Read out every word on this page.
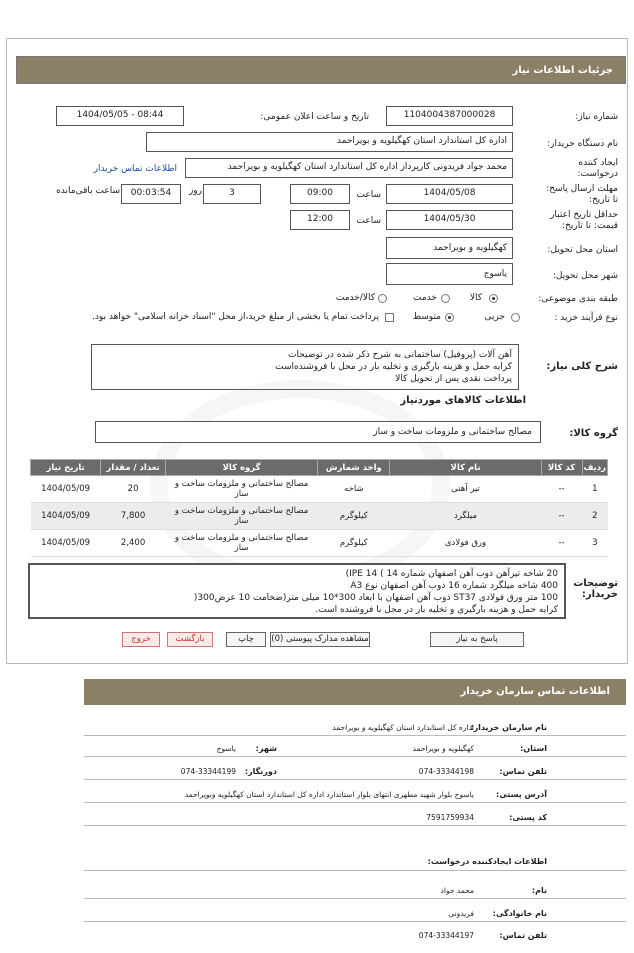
جزئیات اطلاعات نیاز
شماره نیاز:
1104004387000028
تاریخ و ساعت اعلان عمومی:
1404/05/05 - 08:44
نام دستگاه خریدار:
اداره کل استاندارد استان کهگیلویه و بویراحمد
ایجاد کننده درخواست:
محمد جواد فریدونی کارپرداز اداره کل استاندارد استان کهگیلویه و بویراحمد
اطلاعات تماس خریدار
مهلت ارسال پاسخ: تا تاریخ:
1404/05/08
ساعت
09:00
3
روز
00:03:54
ساعت باقی‌مانده
حداقل تاریخ اعتبار قیمت: تا تاریخ:
1404/05/30
ساعت
12:00
استان محل تحویل:
کهگیلویه و بویراحمد
شهر محل تحویل:
یاسوج
طبقه بندی موضوعی:
کالا
خدمت
کالا/خدمت
نوع فرآیند خرید :
جزیی
متوسط
پرداخت تمام یا بخشی از مبلغ خرید،از محل "اسناد خزانه اسلامی" خواهد بود.
شرح کلی نیاز:
آهن آلات (پروفیل) ساختمانی به شرح ذکر شده در توضیحات
کرایه حمل و هزینه بارگیری و تخلیه بار در محل با فروشنده‌است
پرداخت نقدی پس از تحویل کالا
اطلاعات کالاهای مورد‌نیاز
گروه کالا:
مصالح ساختمانی و ملزومات ساخت و ساز
ردیف	کد کالا	نام کالا	واحد شمارش	گروه کالا	تعداد / مقدار	تاریخ نیاز
1	--	تیر آهنی	شاخه	مصالح ساختمانی و ملزومات ساخت و ساز	20	1404/05/09
2	--	میلگرد	کیلوگرم	مصالح ساختمانی و ملزومات ساخت و ساز	7,800	1404/05/09
3	--	ورق فولادی	کیلوگرم	مصالح ساختمانی و ملزومات ساخت و ساز	2,400	1404/05/09
توضیحات خریدار:
20 شاخه تیرآهن ذوب آهن اصفهان شماره 14 ) IPE 14)
400 شاخه میلگرد شماره 16 ذوب آهن اصفهان نوع A3
100 متر ورق فولادی ST37 ذوب آهن اصفهان با ابعاد 300*10 میلی متر(ضخامت 10 عرض300(
کرایه حمل و هزینه بارگیری و تخلیه بار در محل با فروشنده است.
پاسخ به نیاز
مشاهده مدارک پیوستی (0)
چاپ
بازگشت
خروج
اطلاعات تماس سازمان خریدار
نام سازمان خریدار:
اداره کل استاندارد استان کهگیلویه و بویراحمد
استان:
کهگیلویه و بویراحمد
شهر:
یاسوج
تلفن تماس:
074-33344198
دورنگار:
074-33344199
آدرس پستی:
یاسوج بلوار شهید مطهری انتهای بلوار استاندارد اداره کل استاندارد استان کهگیلویه وبویراحمد
کد پستی:
7591759934
اطلاعات ایجاد‌کننده درخواست:
نام:
محمد جواد
نام خانوادگی:
فریدونی
تلفن تماس:
074-33344197
